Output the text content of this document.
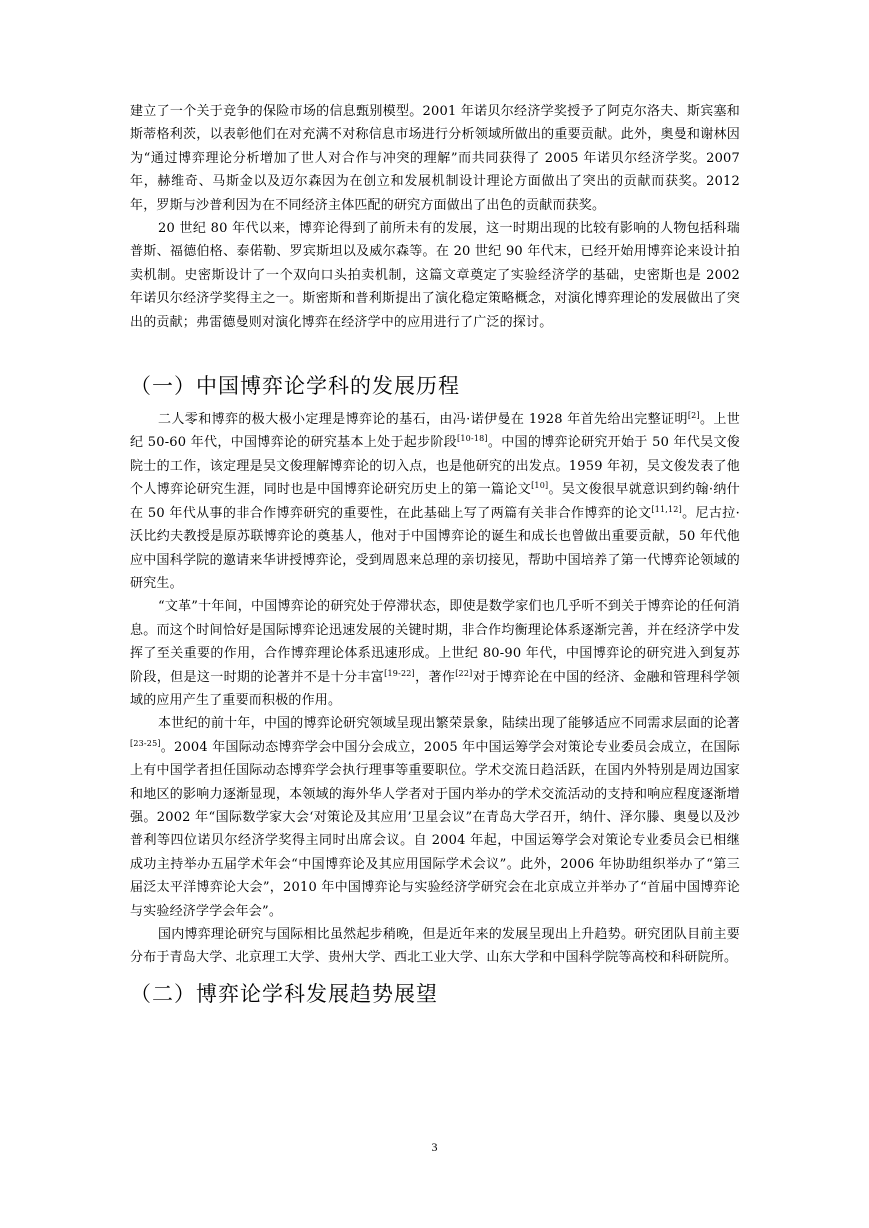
建立了一个关于竞争的保险市场的信息甄别模型。2001 年诺贝尔经济学奖授予了阿克尔洛夫、斯宾塞和斯蒂格利茨，以表彰他们在对充满不对称信息市场进行分析领域所做出的重要贡献。此外，奥曼和谢林因为“通过博弈理论分析增加了世人对合作与冲突的理解”而共同获得了 2005 年诺贝尔经济学奖。2007 年，赫维奇、马斯金以及迈尔森因为在创立和发展机制设计理论方面做出了突出的贡献而获奖。2012 年，罗斯与沙普利因为在不同经济主体匹配的研究方面做出了出色的贡献而获奖。

20 世纪 80 年代以来，博弈论得到了前所未有的发展，这一时期出现的比较有影响的人物包括科瑞普斯、福德伯格、泰偌勒、罗宾斯坦以及威尔森等。在 20 世纪 90 年代末，已经开始用博弈论来设计拍卖机制。史密斯设计了一个双向口头拍卖机制，这篇文章奠定了实验经济学的基础，史密斯也是 2002 年诺贝尔经济学奖得主之一。斯密斯和普利斯提出了演化稳定策略概念，对演化博弈理论的发展做出了突出的贡献；弗雷德曼则对演化博弈在经济学中的应用进行了广泛的探讨。

（一）中国博弈论学科的发展历程

二人零和博弈的极大极小定理是博弈论的基石，由冯·诺伊曼在 1928 年首先给出完整证明[2]。上世纪 50-60 年代，中国博弈论的研究基本上处于起步阶段[10-18]。中国的博弈论研究开始于 50 年代吴文俊院士的工作，该定理是吴文俊理解博弈论的切入点，也是他研究的出发点。1959 年初，吴文俊发表了他个人博弈论研究生涯，同时也是中国博弈论研究历史上的第一篇论文[10]。吴文俊很早就意识到约翰·纳什在 50 年代从事的非合作博弈研究的重要性，在此基础上写了两篇有关非合作博弈的论文[11,12]。尼古拉·沃比约夫教授是原苏联博弈论的奠基人，他对于中国博弈论的诞生和成长也曾做出重要贡献，50 年代他应中国科学院的邀请来华讲授博弈论，受到周恩来总理的亲切接见，帮助中国培养了第一代博弈论领域的研究生。

“文革”十年间，中国博弈论的研究处于停滞状态，即使是数学家们也几乎听不到关于博弈论的任何消息。而这个时间恰好是国际博弈论迅速发展的关键时期，非合作均衡理论体系逐渐完善，并在经济学中发挥了至关重要的作用，合作博弈理论体系迅速形成。上世纪 80-90 年代，中国博弈论的研究进入到复苏阶段，但是这一时期的论著并不是十分丰富[19-22]，著作[22]对于博弈论在中国的经济、金融和管理科学领域的应用产生了重要而积极的作用。

本世纪的前十年，中国的博弈论研究领域呈现出繁荣景象，陆续出现了能够适应不同需求层面的论著[23-25]。2004 年国际动态博弈学会中国分会成立，2005 年中国运筹学会对策论专业委员会成立，在国际上有中国学者担任国际动态博弈学会执行理事等重要职位。学术交流日趋活跃，在国内外特别是周边国家和地区的影响力逐渐显现，本领域的海外华人学者对于国内举办的学术交流活动的支持和响应程度逐渐增强。2002 年“国际数学家大会‘对策论及其应用’卫星会议”在青岛大学召开，纳什、泽尔滕、奥曼以及沙普利等四位诺贝尔经济学奖得主同时出席会议。自 2004 年起，中国运筹学会对策论专业委员会已相继成功主持举办五届学术年会“中国博弈论及其应用国际学术会议”。此外，2006 年协助组织举办了“第三届泛太平洋博弈论大会”，2010 年中国博弈论与实验经济学研究会在北京成立并举办了“首届中国博弈论与实验经济学学会年会”。

国内博弈理论研究与国际相比虽然起步稍晚，但是近年来的发展呈现出上升趋势。研究团队目前主要分布于青岛大学、北京理工大学、贵州大学、西北工业大学、山东大学和中国科学院等高校和科研院所。

（二）博弈论学科发展趋势展望
3
